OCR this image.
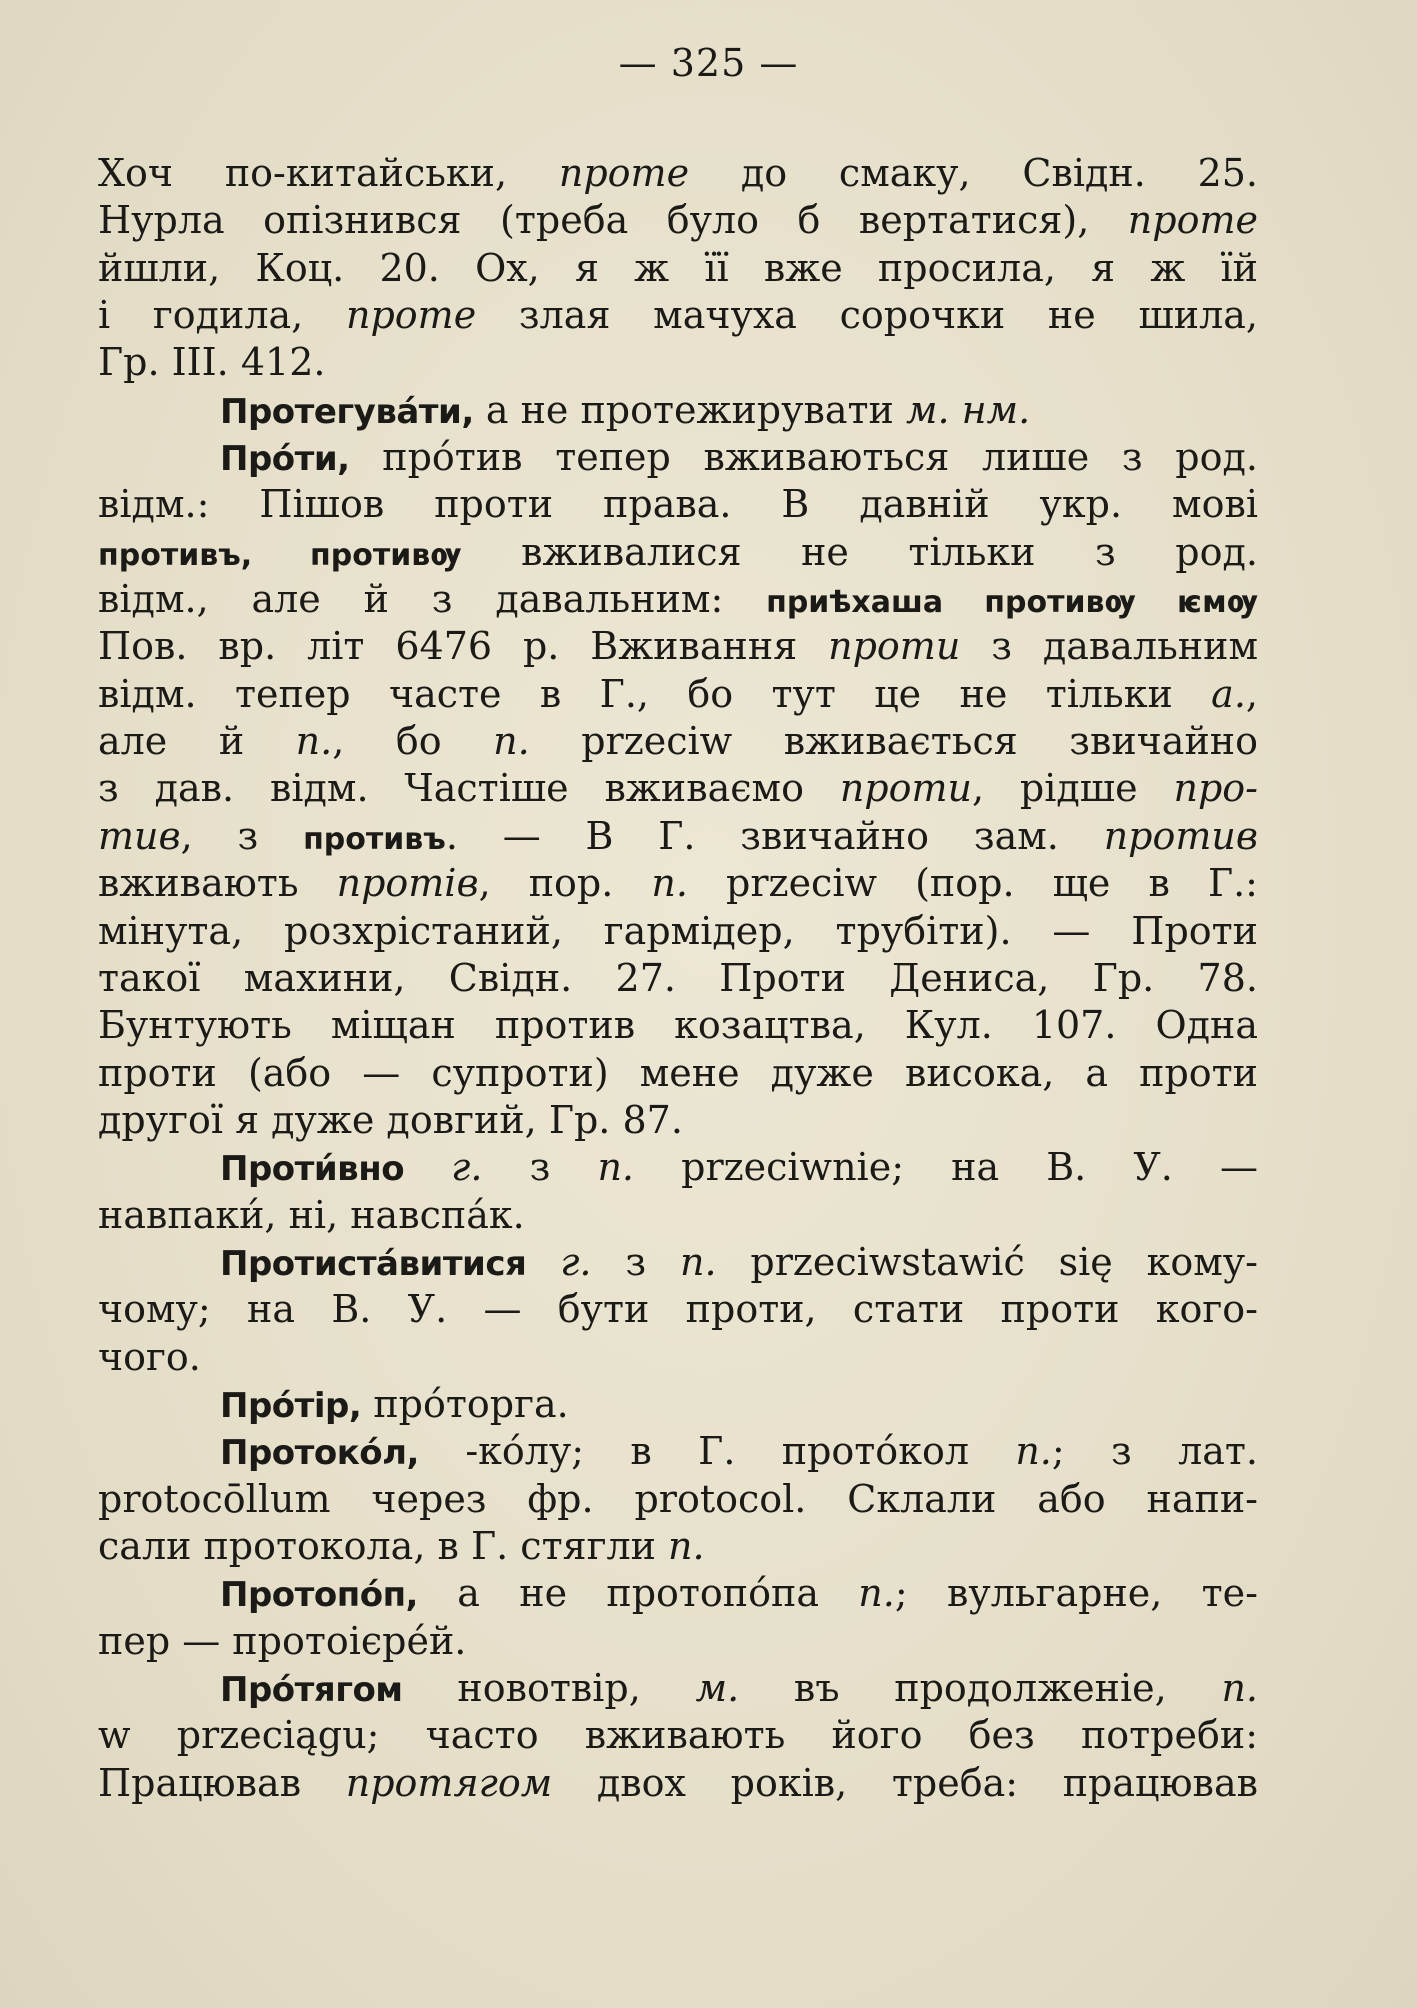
— 325 —
Хоч по-китайськи, проте до смаку, Свідн. 25.
Нурла опізнився (треба було б вертатися), проте
йшли, Коц. 20. Ох, я ж її вже просила, я ж їй
і годила, проте злая мачуха сорочки не шила,
Гр. III. 412.
Протегува́ти, а не протежирувати м. нм.
Про́ти, про́тив тепер вживаються лише з род.
відм.: Пішов проти права. В давній укр. мові
противъ, противѹ вживалися не тільки з род.
відм., але й з давальним: приѣхаша противѹ ѥмѹ
Пов. вр. літ 6476 р. Вживання проти з давальним
відм. тепер часте в Г., бо тут це не тільки а.,
але й п., бо п. przeciw вживається звичайно
з дав. відм. Частіше вживаємо проти, рідше про-
тив, з противъ. — В Г. звичайно зам. против
вживають протів, пор. п. przeciw (пор. ще в Г.:
мінута, розхрістаний, гармідер, трубіти). — Проти
такої махини, Свідн. 27. Проти Дениса, Гр. 78.
Бунтують міщан против козацтва, Кул. 107. Одна
проти (або — супроти) мене дуже висока, а проти
другої я дуже довгий, Гр. 87.
Проти́вно г. з п. przeciwnie; на В. У. —
навпаки́, ні, навспа́к.
Протиста́витися г. з п. przeciwstawić się кому-
чому; на В. У. — бути проти, стати проти кого-
чого.
Про́тір, про́торга.
Протоко́л, -ко́лу; в Г. прото́кол п.; з лат.
protocōllum через фр. protocol. Склали або напи-
сали протокола, в Г. стягли п.
Протопо́п, а не протопо́па п.; вульгарне, те-
пер — протоієре́й.
Про́тягом новотвір, м. въ продолженіе, п.
w przeciągu; часто вживають його без потреби:
Працював протягом двох років, треба: працював
